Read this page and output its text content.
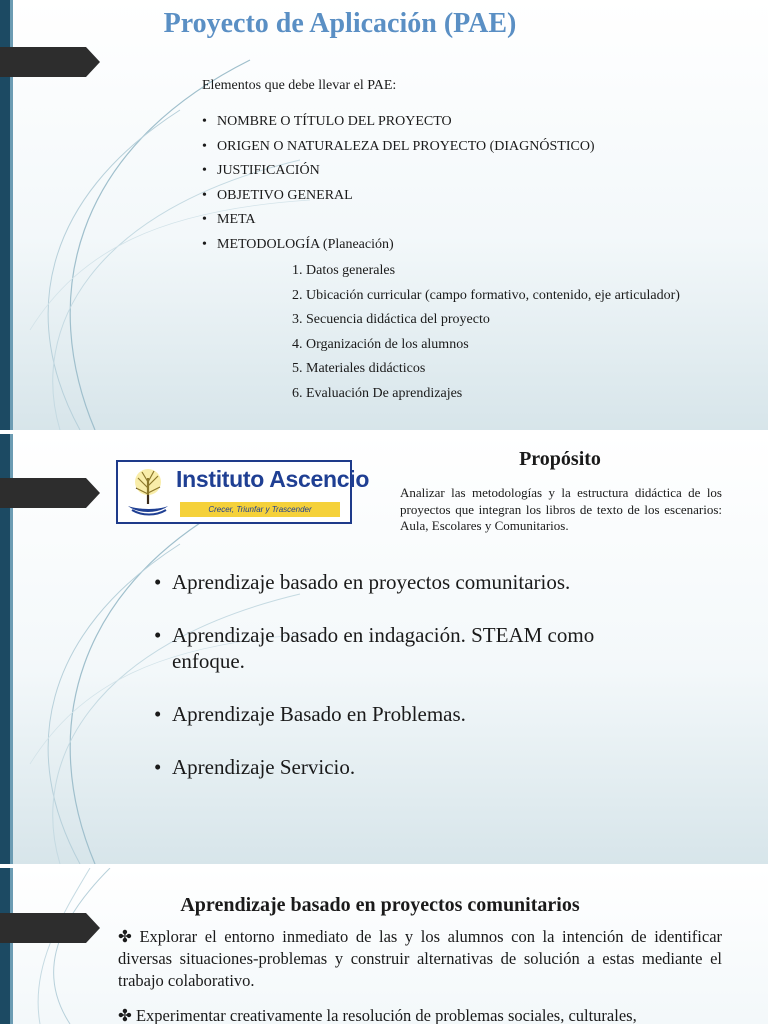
Proyecto de Aplicación (PAE)
Elementos que debe llevar el PAE:
• NOMBRE O TÍTULO DEL PROYECTO
• ORIGEN O NATURALEZA DEL PROYECTO (DIAGNÓSTICO)
• JUSTIFICACIÓN
• OBJETIVO GENERAL
• META
• METODOLOGÍA (Planeación)
1. Datos generales
2. Ubicación curricular (campo formativo, contenido, eje articulador)
3. Secuencia didáctica del proyecto
4. Organización de los alumnos
5. Materiales didácticos
6. Evaluación De aprendizajes
Instituto Ascencio
Crecer, Triunfar y Trascender
Propósito
Analizar las metodologías y la estructura didáctica de los proyectos que integran los libros de texto de los escenarios: Aula, Escolares y Comunitarios.
• Aprendizaje basado en proyectos comunitarios.
• Aprendizaje basado en indagación. STEAM como enfoque.
• Aprendizaje Basado en Problemas.
• Aprendizaje Servicio.
Aprendizaje basado en proyectos comunitarios
✤ Explorar el entorno inmediato de las y los alumnos con la intención de identificar diversas situaciones-problemas y construir alternativas de solución a estas mediante el trabajo colaborativo.
✤ Experimentar creativamente la resolución de problemas sociales, culturales,
